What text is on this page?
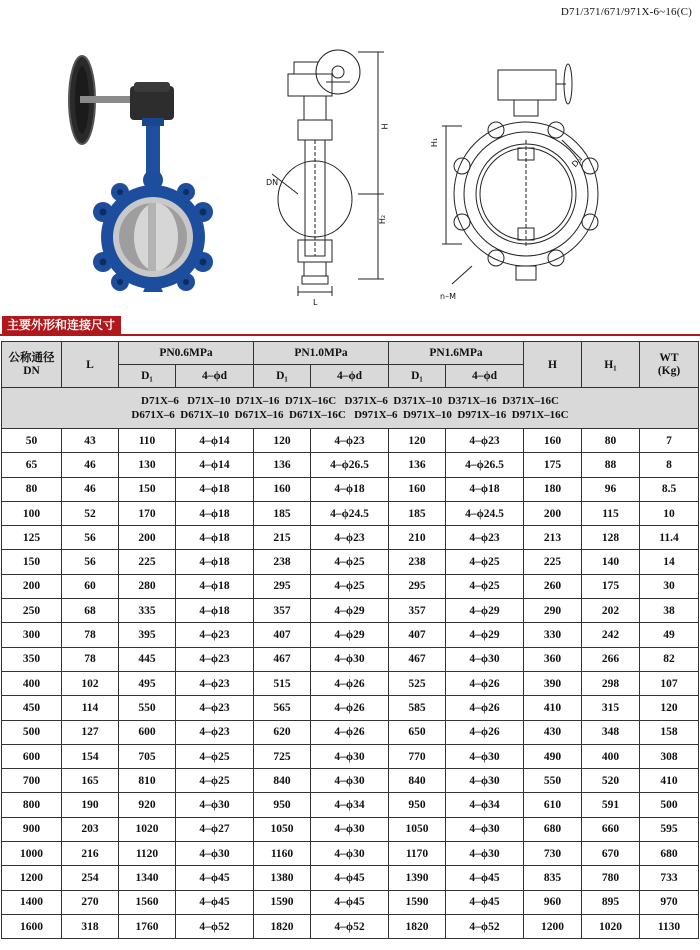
D71/371/671/971X-6~16(C)
H
H₂
DN
L
H₁
D₀
n–M
主要外形和连接尺寸
公称通径
DN	L	PN0.6MPa		PN1.0MPa		PN1.6MPa		H	H₁	WT
(Kg)
		D₁	4–ϕd	D₁	4–ϕd	D₁	4–ϕd			

D71X–6   D71X–10  D71X–16  D71X–16C   D371X–6  D371X–10  D371X–16  D371X–16C
D671X–6  D671X–10  D671X–16  D671X–16C   D971X–6  D971X–10  D971X–16  D971X–16C										

50	43	110	4–ϕ14	120	4–ϕ23	120	4–ϕ23	160	80	7
65	46	130	4–ϕ14	136	4–ϕ26.5	136	4–ϕ26.5	175	88	8
80	46	150	4–ϕ18	160	4–ϕ18	160	4–ϕ18	180	96	8.5
100	52	170	4–ϕ18	185	4–ϕ24.5	185	4–ϕ24.5	200	115	10
125	56	200	4–ϕ18	215	4–ϕ23	210	4–ϕ23	213	128	11.4
150	56	225	4–ϕ18	238	4–ϕ25	238	4–ϕ25	225	140	14
200	60	280	4–ϕ18	295	4–ϕ25	295	4–ϕ25	260	175	30
250	68	335	4–ϕ18	357	4–ϕ29	357	4–ϕ29	290	202	38
300	78	395	4–ϕ23	407	4–ϕ29	407	4–ϕ29	330	242	49
350	78	445	4–ϕ23	467	4–ϕ30	467	4–ϕ30	360	266	82
400	102	495	4–ϕ23	515	4–ϕ26	525	4–ϕ26	390	298	107
450	114	550	4–ϕ23	565	4–ϕ26	585	4–ϕ26	410	315	120
500	127	600	4–ϕ23	620	4–ϕ26	650	4–ϕ26	430	348	158
600	154	705	4–ϕ25	725	4–ϕ30	770	4–ϕ30	490	400	308
700	165	810	4–ϕ25	840	4–ϕ30	840	4–ϕ30	550	520	410
800	190	920	4–ϕ30	950	4–ϕ34	950	4–ϕ34	610	591	500
900	203	1020	4–ϕ27	1050	4–ϕ30	1050	4–ϕ30	680	660	595
1000	216	1120	4–ϕ30	1160	4–ϕ30	1170	4–ϕ30	730	670	680
1200	254	1340	4–ϕ45	1380	4–ϕ45	1390	4–ϕ45	835	780	733
1400	270	1560	4–ϕ45	1590	4–ϕ45	1590	4–ϕ45	960	895	970
1600	318	1760	4–ϕ52	1820	4–ϕ52	1820	4–ϕ52	1200	1020	1130
